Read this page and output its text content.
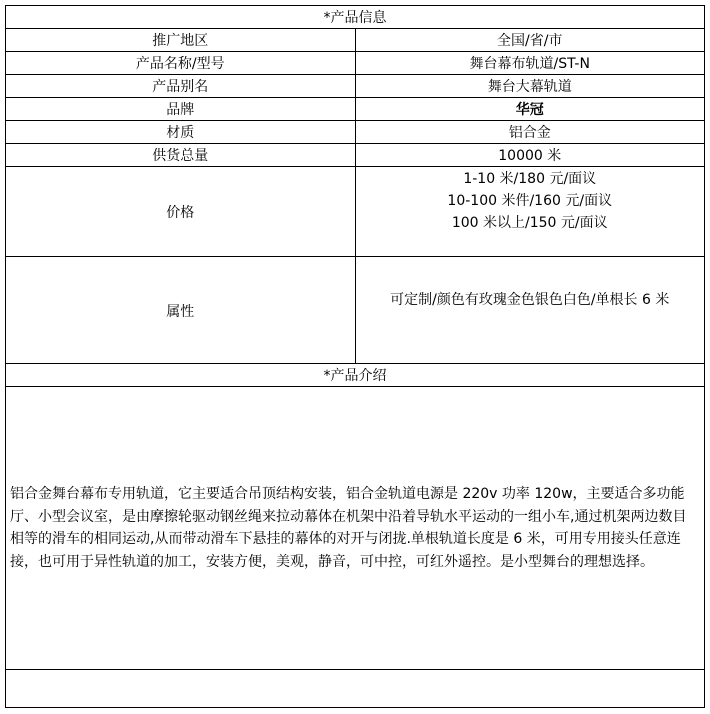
*产品信息	
推广地区	全国/省/市
产品名称/型号	舞台幕布轨道/ST-N
产品别名	舞台大幕轨道
品牌	华冠
材质	铝合金
供货总量	10000 米
价格	1-10 米/180 元/面议
10-100 米件/160 元/面议
100 米以上/150 元/面议

属性	可定制/颜色有玫瑰金色银色白色/单根长 6 米
*产品介绍	
铝合金舞台幕布专用轨道，它主要适合吊顶结构安装，铝合金轨道电源是 220v 功率 120w，主要适合多功能厅、小型会议室，是由摩擦轮驱动钢丝绳来拉动幕体在机架中沿着导轨水平运动的一组小车,通过机架两边数目相等的滑车的相同运动,从而带动滑车下悬挂的幕体的对开与闭拢.单根轨道长度是 6 米，可用专用接头任意连接，也可用于异性轨道的加工，安装方便，美观，静音，可中控，可红外遥控。是小型舞台的理想选择。	
